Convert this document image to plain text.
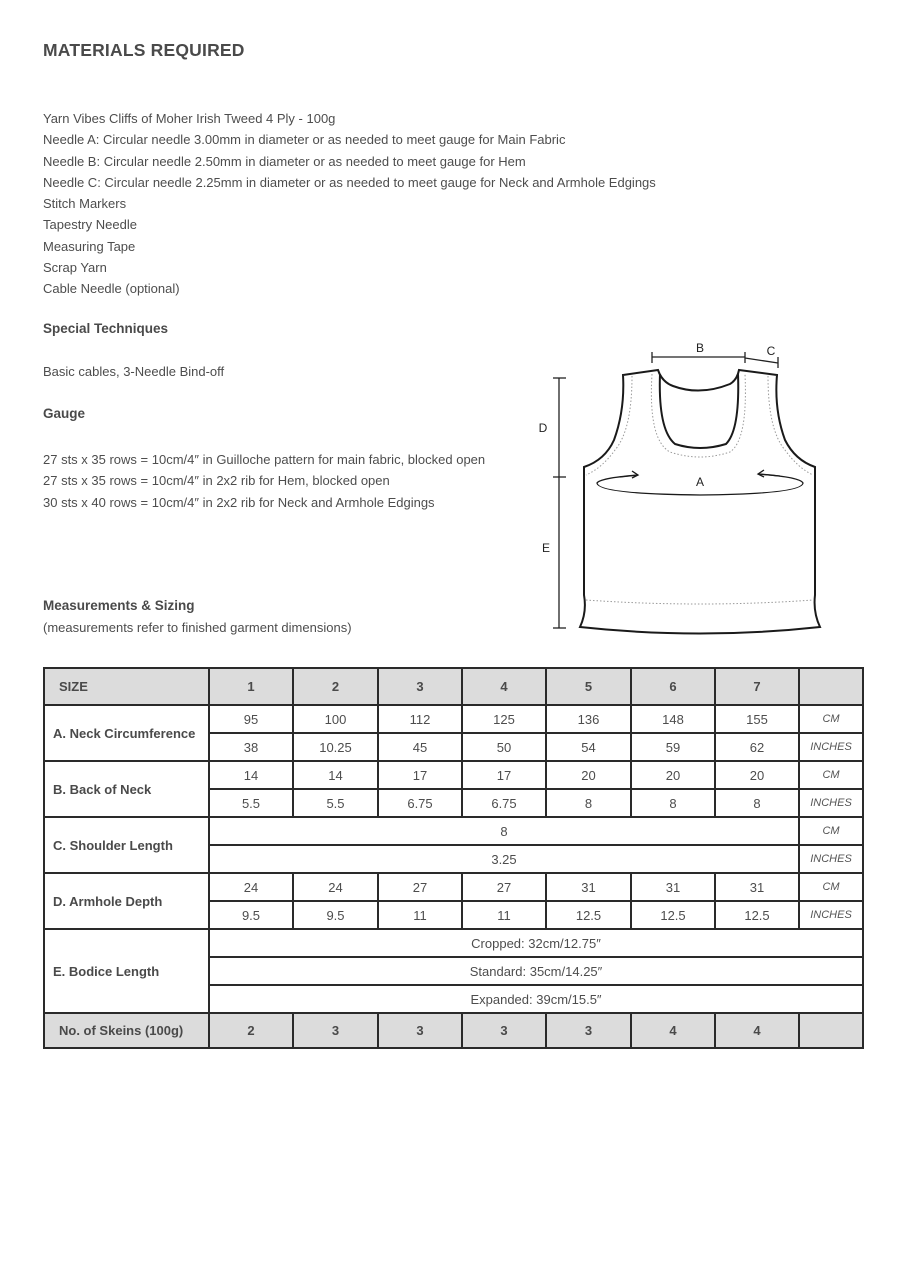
MATERIALS REQUIRED
Yarn Vibes Cliffs of Moher Irish Tweed 4 Ply - 100g
Needle A: Circular needle 3.00mm in diameter or as needed to meet gauge for Main Fabric
Needle B: Circular needle 2.50mm in diameter or as needed to meet gauge for Hem
Needle C: Circular needle 2.25mm in diameter or as needed to meet gauge for Neck and Armhole Edgings
Stitch Markers
Tapestry Needle
Measuring Tape
Scrap Yarn
Cable Needle (optional)
Special Techniques
Basic cables, 3-Needle Bind-off
Gauge
27 sts x 35 rows = 10cm/4″ in Guilloche pattern for main fabric, blocked open
27 sts x 35 rows = 10cm/4″ in 2x2 rib for Hem, blocked open
30 sts x 40 rows = 10cm/4″ in 2x2 rib for Neck and Armhole Edgings
Measurements & Sizing
(measurements refer to finished garment dimensions)
B	C
D
E
A
SIZE	1	2	3	4	5	6	7	
A. Neck Circumference	95	100	112	125	136	148	155	CM
	38	10.25	45	50	54	59	62	INCHES
B. Back of Neck	14	14	17	17	20	20	20	CM
	5.5	5.5	6.75	6.75	8	8	8	INCHES
C. Shoulder Length	8							CM
	3.25							INCHES
D. Armhole Depth	24	24	27	27	31	31	31	CM
	9.5	9.5	11	11	12.5	12.5	12.5	INCHES
E. Bodice Length	Cropped: 32cm/12.75″							
	Standard: 35cm/14.25″							
	Expanded: 39cm/15.5″							
No. of Skeins (100g)	2	3	3	3	3	4	4	
